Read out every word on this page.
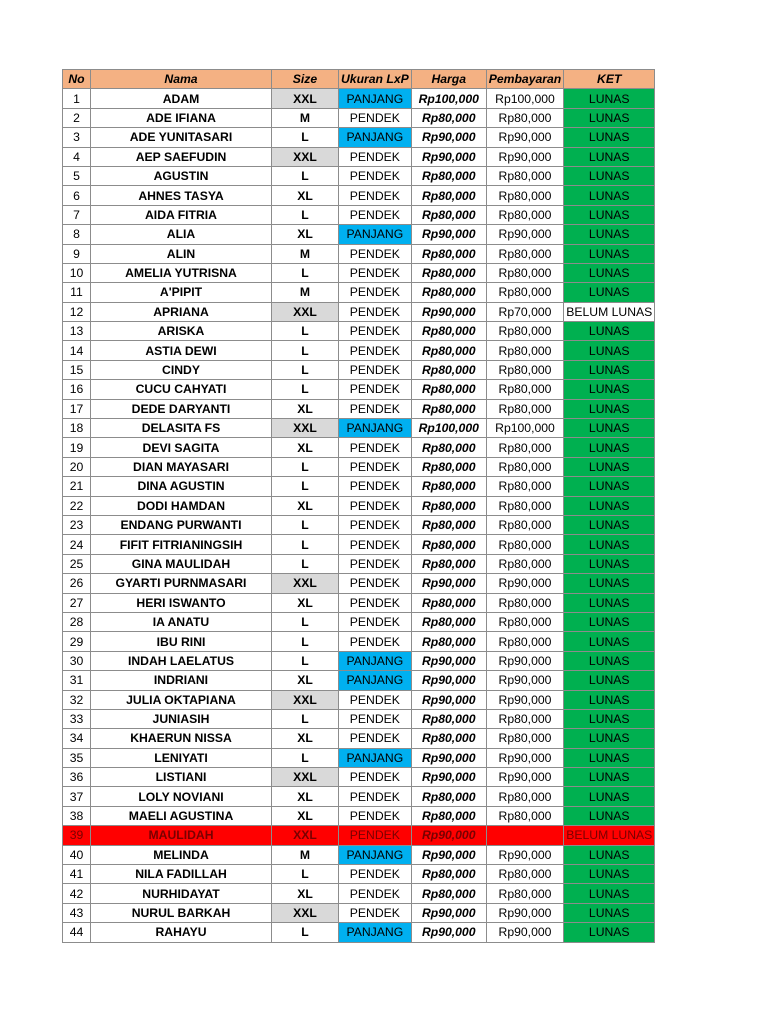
No	Nama	Size	Ukuran LxP	Harga	Pembayaran	KET
1	ADAM	XXL	PANJANG	Rp100,000	Rp100,000	LUNAS
2	ADE IFIANA	M	PENDEK	Rp80,000	Rp80,000	LUNAS
3	ADE YUNITASARI	L	PANJANG	Rp90,000	Rp90,000	LUNAS
4	AEP SAEFUDIN	XXL	PENDEK	Rp90,000	Rp90,000	LUNAS
5	AGUSTIN	L	PENDEK	Rp80,000	Rp80,000	LUNAS
6	AHNES TASYA	XL	PENDEK	Rp80,000	Rp80,000	LUNAS
7	AIDA FITRIA	L	PENDEK	Rp80,000	Rp80,000	LUNAS
8	ALIA	XL	PANJANG	Rp90,000	Rp90,000	LUNAS
9	ALIN	M	PENDEK	Rp80,000	Rp80,000	LUNAS
10	AMELIA YUTRISNA	L	PENDEK	Rp80,000	Rp80,000	LUNAS
11	A'PIPIT	M	PENDEK	Rp80,000	Rp80,000	LUNAS
12	APRIANA	XXL	PENDEK	Rp90,000	Rp70,000	BELUM LUNAS
13	ARISKA	L	PENDEK	Rp80,000	Rp80,000	LUNAS
14	ASTIA DEWI	L	PENDEK	Rp80,000	Rp80,000	LUNAS
15	CINDY	L	PENDEK	Rp80,000	Rp80,000	LUNAS
16	CUCU CAHYATI	L	PENDEK	Rp80,000	Rp80,000	LUNAS
17	DEDE DARYANTI	XL	PENDEK	Rp80,000	Rp80,000	LUNAS
18	DELASITA FS	XXL	PANJANG	Rp100,000	Rp100,000	LUNAS
19	DEVI SAGITA	XL	PENDEK	Rp80,000	Rp80,000	LUNAS
20	DIAN MAYASARI	L	PENDEK	Rp80,000	Rp80,000	LUNAS
21	DINA AGUSTIN	L	PENDEK	Rp80,000	Rp80,000	LUNAS
22	DODI HAMDAN	XL	PENDEK	Rp80,000	Rp80,000	LUNAS
23	ENDANG PURWANTI	L	PENDEK	Rp80,000	Rp80,000	LUNAS
24	FIFIT FITRIANINGSIH	L	PENDEK	Rp80,000	Rp80,000	LUNAS
25	GINA MAULIDAH	L	PENDEK	Rp80,000	Rp80,000	LUNAS
26	GYARTI PURNMASARI	XXL	PENDEK	Rp90,000	Rp90,000	LUNAS
27	HERI ISWANTO	XL	PENDEK	Rp80,000	Rp80,000	LUNAS
28	IA ANATU	L	PENDEK	Rp80,000	Rp80,000	LUNAS
29	IBU RINI	L	PENDEK	Rp80,000	Rp80,000	LUNAS
30	INDAH LAELATUS	L	PANJANG	Rp90,000	Rp90,000	LUNAS
31	INDRIANI	XL	PANJANG	Rp90,000	Rp90,000	LUNAS
32	JULIA OKTAPIANA	XXL	PENDEK	Rp90,000	Rp90,000	LUNAS
33	JUNIASIH	L	PENDEK	Rp80,000	Rp80,000	LUNAS
34	KHAERUN NISSA	XL	PENDEK	Rp80,000	Rp80,000	LUNAS
35	LENIYATI	L	PANJANG	Rp90,000	Rp90,000	LUNAS
36	LISTIANI	XXL	PENDEK	Rp90,000	Rp90,000	LUNAS
37	LOLY NOVIANI	XL	PENDEK	Rp80,000	Rp80,000	LUNAS
38	MAELI AGUSTINA	XL	PENDEK	Rp80,000	Rp80,000	LUNAS
39	MAULIDAH	XXL	PENDEK	Rp90,000		BELUM LUNAS
40	MELINDA	M	PANJANG	Rp90,000	Rp90,000	LUNAS
41	NILA FADILLAH	L	PENDEK	Rp80,000	Rp80,000	LUNAS
42	NURHIDAYAT	XL	PENDEK	Rp80,000	Rp80,000	LUNAS
43	NURUL BARKAH	XXL	PENDEK	Rp90,000	Rp90,000	LUNAS
44	RAHAYU	L	PANJANG	Rp90,000	Rp90,000	LUNAS
